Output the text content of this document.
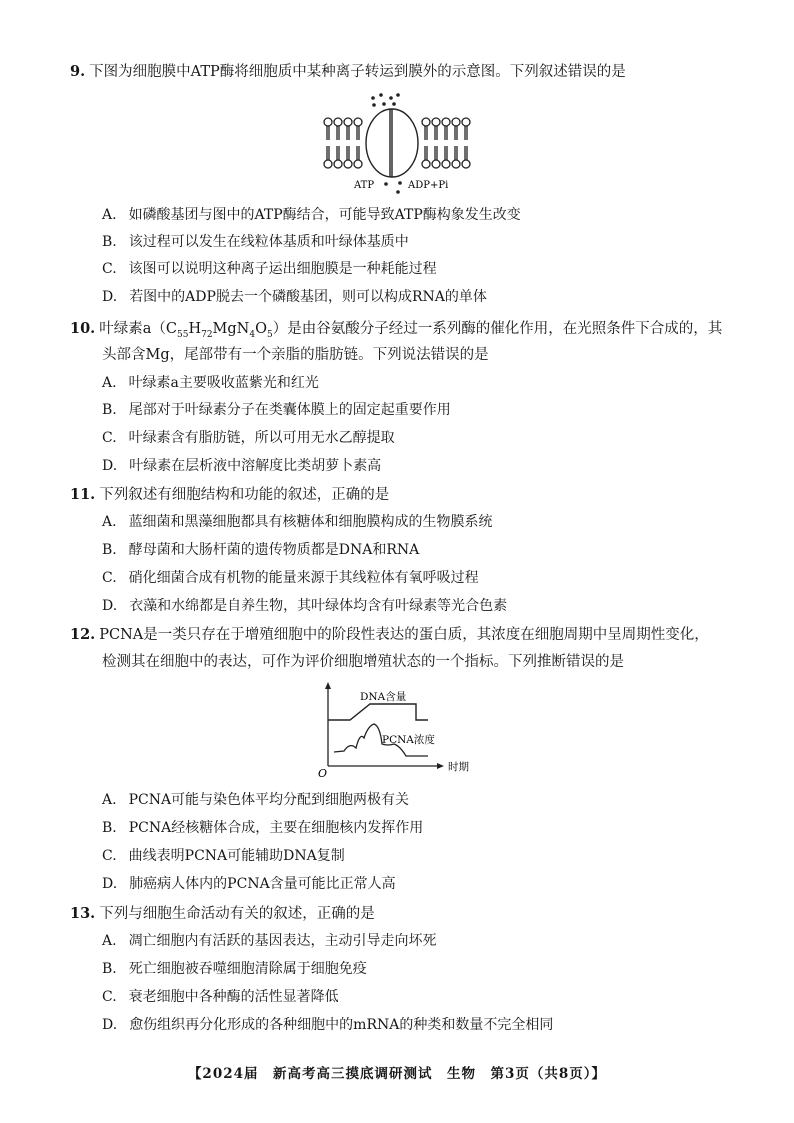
9. 下图为细胞膜中ATP酶将细胞质中某种离子转运到膜外的示意图。下列叙述错误的是
ATP	ADP+Pi
A. 如磷酸基团与图中的ATP酶结合，可能导致ATP酶构象发生改变
B. 该过程可以发生在线粒体基质和叶绿体基质中
C. 该图可以说明这种离子运出细胞膜是一种耗能过程
D. 若图中的ADP脱去一个磷酸基团，则可以构成RNA的单体
10. 叶绿素$a(C_{55}H_{72}MgN_4O_5)$是由谷氨酸分子经过一系列酶的催化作用，在光照条件下合成的，其
头部含Mg，尾部带有一个亲脂的脂肪链。下列说法错误的是
A. 叶绿素a主要吸收蓝紫光和红光
B. 尾部对于叶绿素分子在类囊体膜上的固定起重要作用
C. 叶绿素含有脂肪链，所以可用无水乙醇提取
D. 叶绿素在层析液中溶解度比类胡萝卜素高
11. 下列叙述有细胞结构和功能的叙述，正确的是
A. 蓝细菌和黑藻细胞都具有核糖体和细胞膜构成的生物膜系统
B. 酵母菌和大肠杆菌的遗传物质都是DNA和RNA
C. 硝化细菌合成有机物的能量来源于其线粒体有氧呼吸过程
D. 衣藻和水绵都是自养生物，其叶绿体均含有叶绿素等光合色素
12. PCNA是一类只存在于增殖细胞中的阶段性表达的蛋白质，其浓度在细胞周期中呈周期性变化，
检测其在细胞中的表达，可作为评价细胞增殖状态的一个指标。下列推断错误的是
DNA含量
PCNA浓度
O	时期
A. PCNA可能与染色体平均分配到细胞两极有关
B. PCNA经核糖体合成，主要在细胞核内发挥作用
C. 曲线表明PCNA可能辅助DNA复制
D. 肺癌病人体内的PCNA含量可能比正常人高
13. 下列与细胞生命活动有关的叙述，正确的是
A. 凋亡细胞内有活跃的基因表达，主动引导走向坏死
B. 死亡细胞被吞噬细胞清除属于细胞免疫
C. 衰老细胞中各种酶的活性显著降低
D. 愈伤组织再分化形成的各种细胞中的mRNA的种类和数量不完全相同
【2024届　新高考高三摸底调研测试　生物　第3页（共8页）】
